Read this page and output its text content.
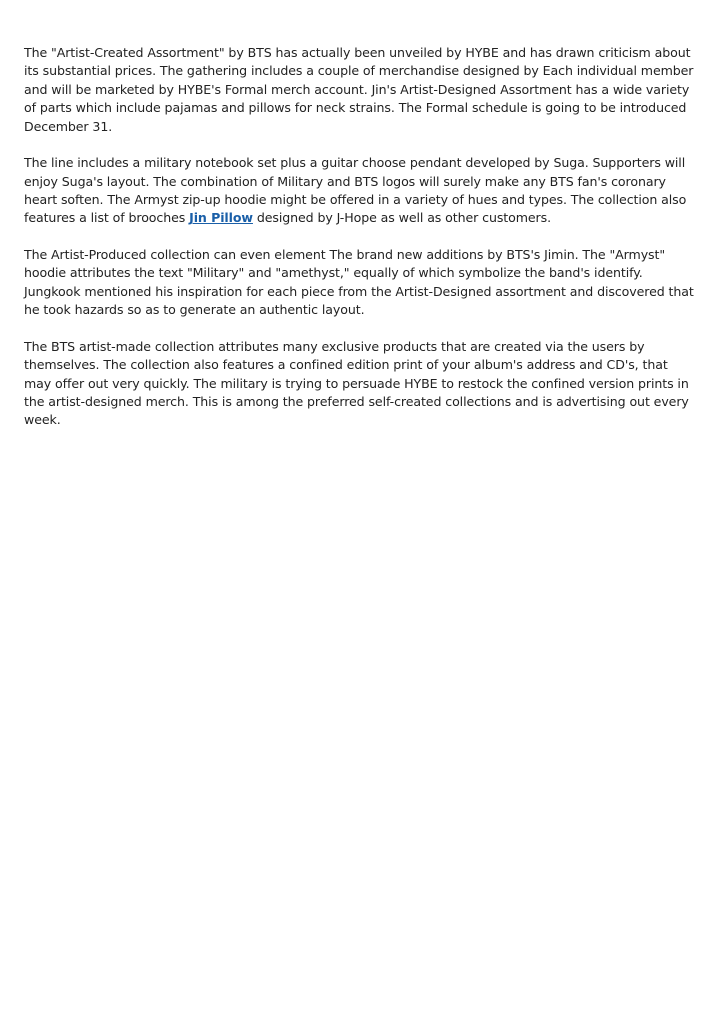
The "Artist-Created Assortment" by BTS has actually been unveiled by HYBE and has drawn criticism about its substantial prices. The gathering includes a couple of merchandise designed by Each individual member and will be marketed by HYBE's Formal merch account. Jin's Artist-Designed Assortment has a wide variety of parts which include pajamas and pillows for neck strains. The Formal schedule is going to be introduced December 31.

The line includes a military notebook set plus a guitar choose pendant developed by Suga. Supporters will enjoy Suga's layout. The combination of Military and BTS logos will surely make any BTS fan's coronary heart soften. The Armyst zip-up hoodie might be offered in a variety of hues and types. The collection also features a list of brooches Jin Pillow designed by J-Hope as well as other customers.

The Artist-Produced collection can even element The brand new additions by BTS's Jimin. The "Armyst" hoodie attributes the text "Military" and "amethyst," equally of which symbolize the band's identify. Jungkook mentioned his inspiration for each piece from the Artist-Designed assortment and discovered that he took hazards so as to generate an authentic layout.

The BTS artist-made collection attributes many exclusive products that are created via the users by themselves. The collection also features a confined edition print of your album's address and CD's, that may offer out very quickly. The military is trying to persuade HYBE to restock the confined version prints in the artist-designed merch. This is among the preferred self-created collections and is advertising out every week.
